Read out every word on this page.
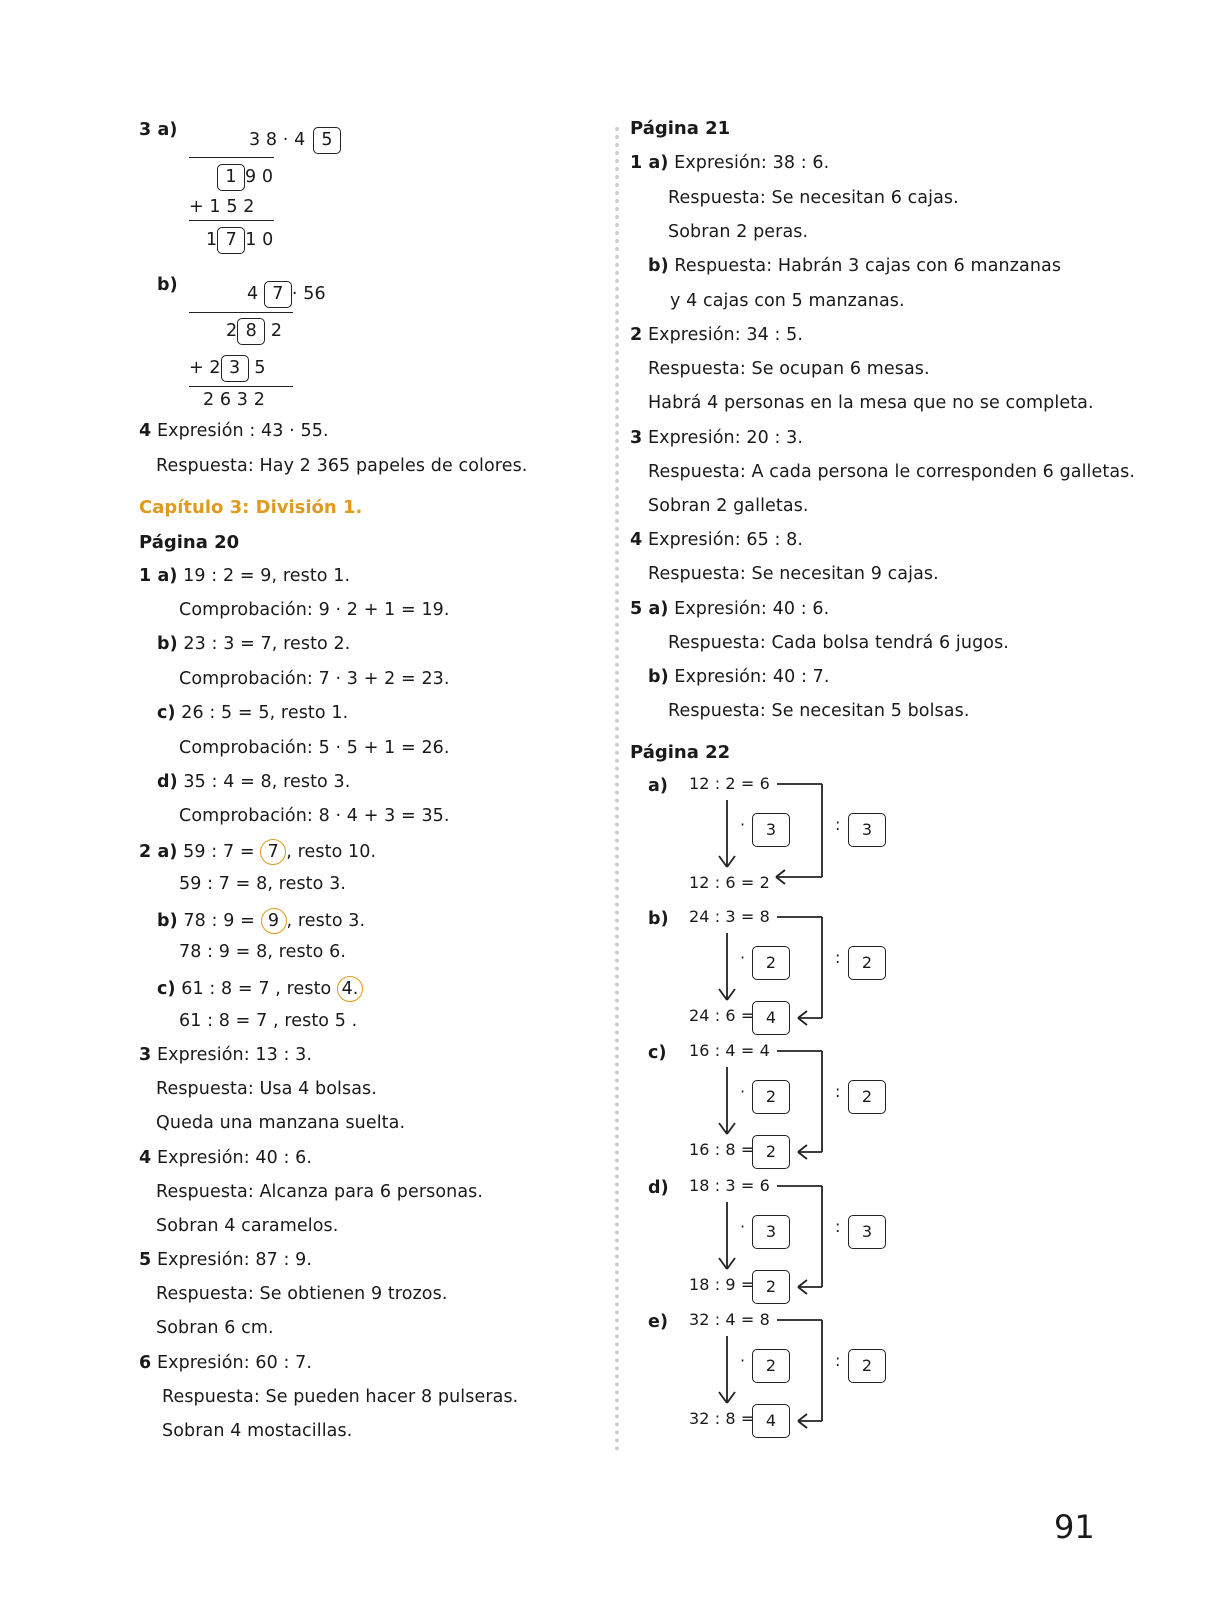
3 a)	3 8 · 4 5
1 9 0
+ 1 5 2
1 7 1 0
b)	4 7 · 56
2 8 2
+ 2 3 5
2 6 3 2
4 Expresión : 43 · 55.
Respuesta: Hay 2 365 papeles de colores.
Capítulo 3: División 1.
Página 20
1 a) 19 : 2 = 9, resto 1.
Comprobación: 9 · 2 + 1 = 19.
b) 23 : 3 = 7, resto 2.
Comprobación: 7 · 3 + 2 = 23.
c) 26 : 5 = 5, resto 1.
Comprobación: 5 · 5 + 1 = 26.
d) 35 : 4 = 8, resto 3.
Comprobación: 8 · 4 + 3 = 35.
2 a) 59 : 7 = 7 , resto 10.
59 : 7 = 8, resto 3.
b) 78 : 9 = 9 , resto 3.
78 : 9 = 8, resto 6.
c) 61 : 8 = 7 , resto 4.
61 : 8 = 7 , resto 5 .
3 Expresión: 13 : 3.
Respuesta: Usa 4 bolsas.
Queda una manzana suelta.
4 Expresión: 40 : 6.
Respuesta: Alcanza para 6 personas.
Sobran 4 caramelos.
5 Expresión: 87 : 9.
Respuesta: Se obtienen 9 trozos.
Sobran 6 cm.
6 Expresión: 60 : 7.
Respuesta: Se pueden hacer 8 pulseras.
Sobran 4 mostacillas.
Página 21
1 a) Expresión: 38 : 6.
Respuesta: Se necesitan 6 cajas.
Sobran 2 peras.
b) Respuesta: Habrán 3 cajas con 6 manzanas
y 4 cajas con 5 manzanas.
2 Expresión: 34 : 5.
Respuesta: Se ocupan 6 mesas.
Habrá 4 personas en la mesa que no se completa.
3 Expresión: 20 : 3.
Respuesta: A cada persona le corresponden 6 galletas.
Sobran 2 galletas.
4 Expresión: 65 : 8.
Respuesta: Se necesitan 9 cajas.
5 a) Expresión: 40 : 6.
Respuesta: Cada bolsa tendrá 6 jugos.
b) Expresión: 40 : 7.
Respuesta: Se necesitan 5 bolsas.
Página 22
a) 12 : 2 = 6
·	3	:	3
12 : 6 = 2
b) 24 : 3 = 8
·	2	:	2
24 : 6 = 4
c) 16 : 4 = 4
·	2	:	2
16 : 8 = 2
d) 18 : 3 = 6
·	3	:	3
18 : 9 = 2
e) 32 : 4 = 8
·	2	:	2
32 : 8 = 4
91
